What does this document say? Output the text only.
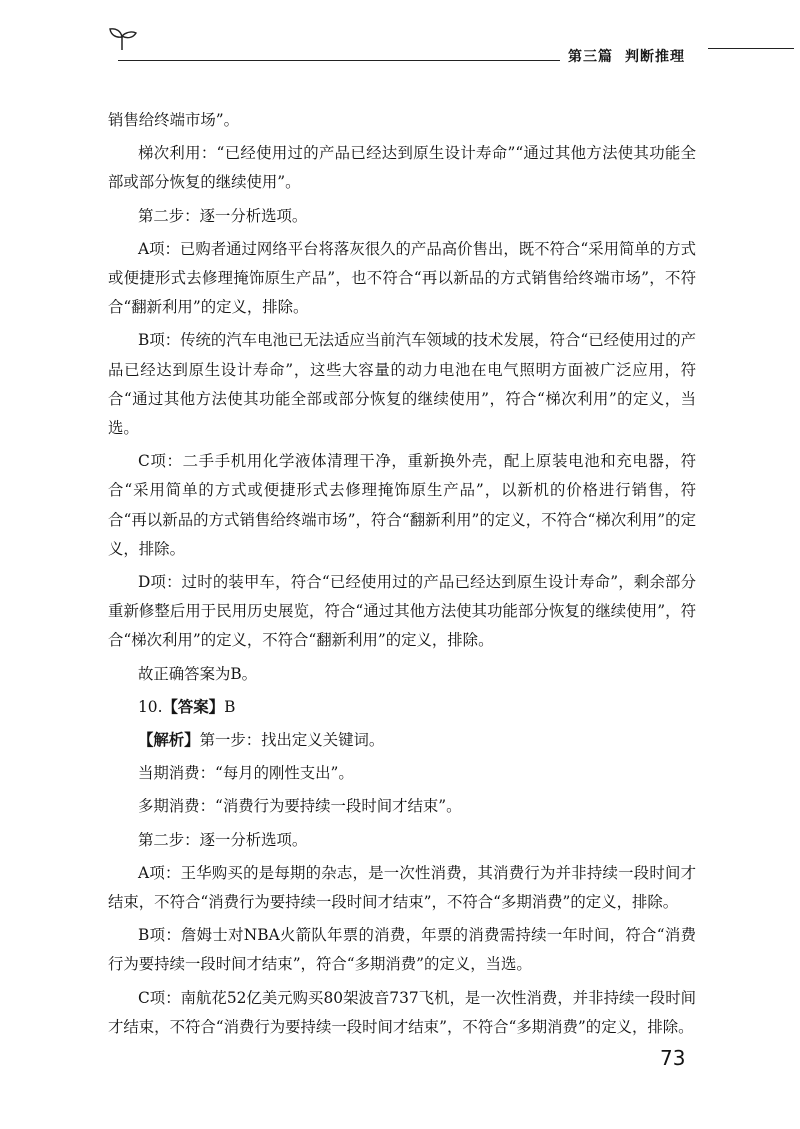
第三篇 判断推理

销售给终端市场”。

梯次利用：“已经使用过的产品已经达到原生设计寿命”“通过其他方法使其功能全部或部分恢复的继续使用”。

第二步：逐一分析选项。

A项：已购者通过网络平台将落灰很久的产品高价售出，既不符合“采用简单的方式或便捷形式去修理掩饰原生产品”，也不符合“再以新品的方式销售给终端市场”，不符合“翻新利用”的定义，排除。

B项：传统的汽车电池已无法适应当前汽车领域的技术发展，符合“已经使用过的产品已经达到原生设计寿命”，这些大容量的动力电池在电气照明方面被广泛应用，符合“通过其他方法使其功能全部或部分恢复的继续使用”，符合“梯次利用”的定义，当选。

C项：二手手机用化学液体清理干净，重新换外壳，配上原装电池和充电器，符合“采用简单的方式或便捷形式去修理掩饰原生产品”，以新机的价格进行销售，符合“再以新品的方式销售给终端市场”，符合“翻新利用”的定义，不符合“梯次利用”的定义，排除。

D项：过时的装甲车，符合“已经使用过的产品已经达到原生设计寿命”，剩余部分重新修整后用于民用历史展览，符合“通过其他方法使其功能部分恢复的继续使用”，符合“梯次利用”的定义，不符合“翻新利用”的定义，排除。

故正确答案为B。

10.【答案】B

【解析】第一步：找出定义关键词。

当期消费：“每月的刚性支出”。

多期消费：“消费行为要持续一段时间才结束”。

第二步：逐一分析选项。

A项：王华购买的是每期的杂志，是一次性消费，其消费行为并非持续一段时间才结束，不符合“消费行为要持续一段时间才结束”，不符合“多期消费”的定义，排除。

B项：詹姆士对NBA火箭队年票的消费，年票的消费需持续一年时间，符合“消费行为要持续一段时间才结束”，符合“多期消费”的定义，当选。

C项：南航花52亿美元购买80架波音737飞机，是一次性消费，并非持续一段时间才结束，不符合“消费行为要持续一段时间才结束”，不符合“多期消费”的定义，排除。

73
